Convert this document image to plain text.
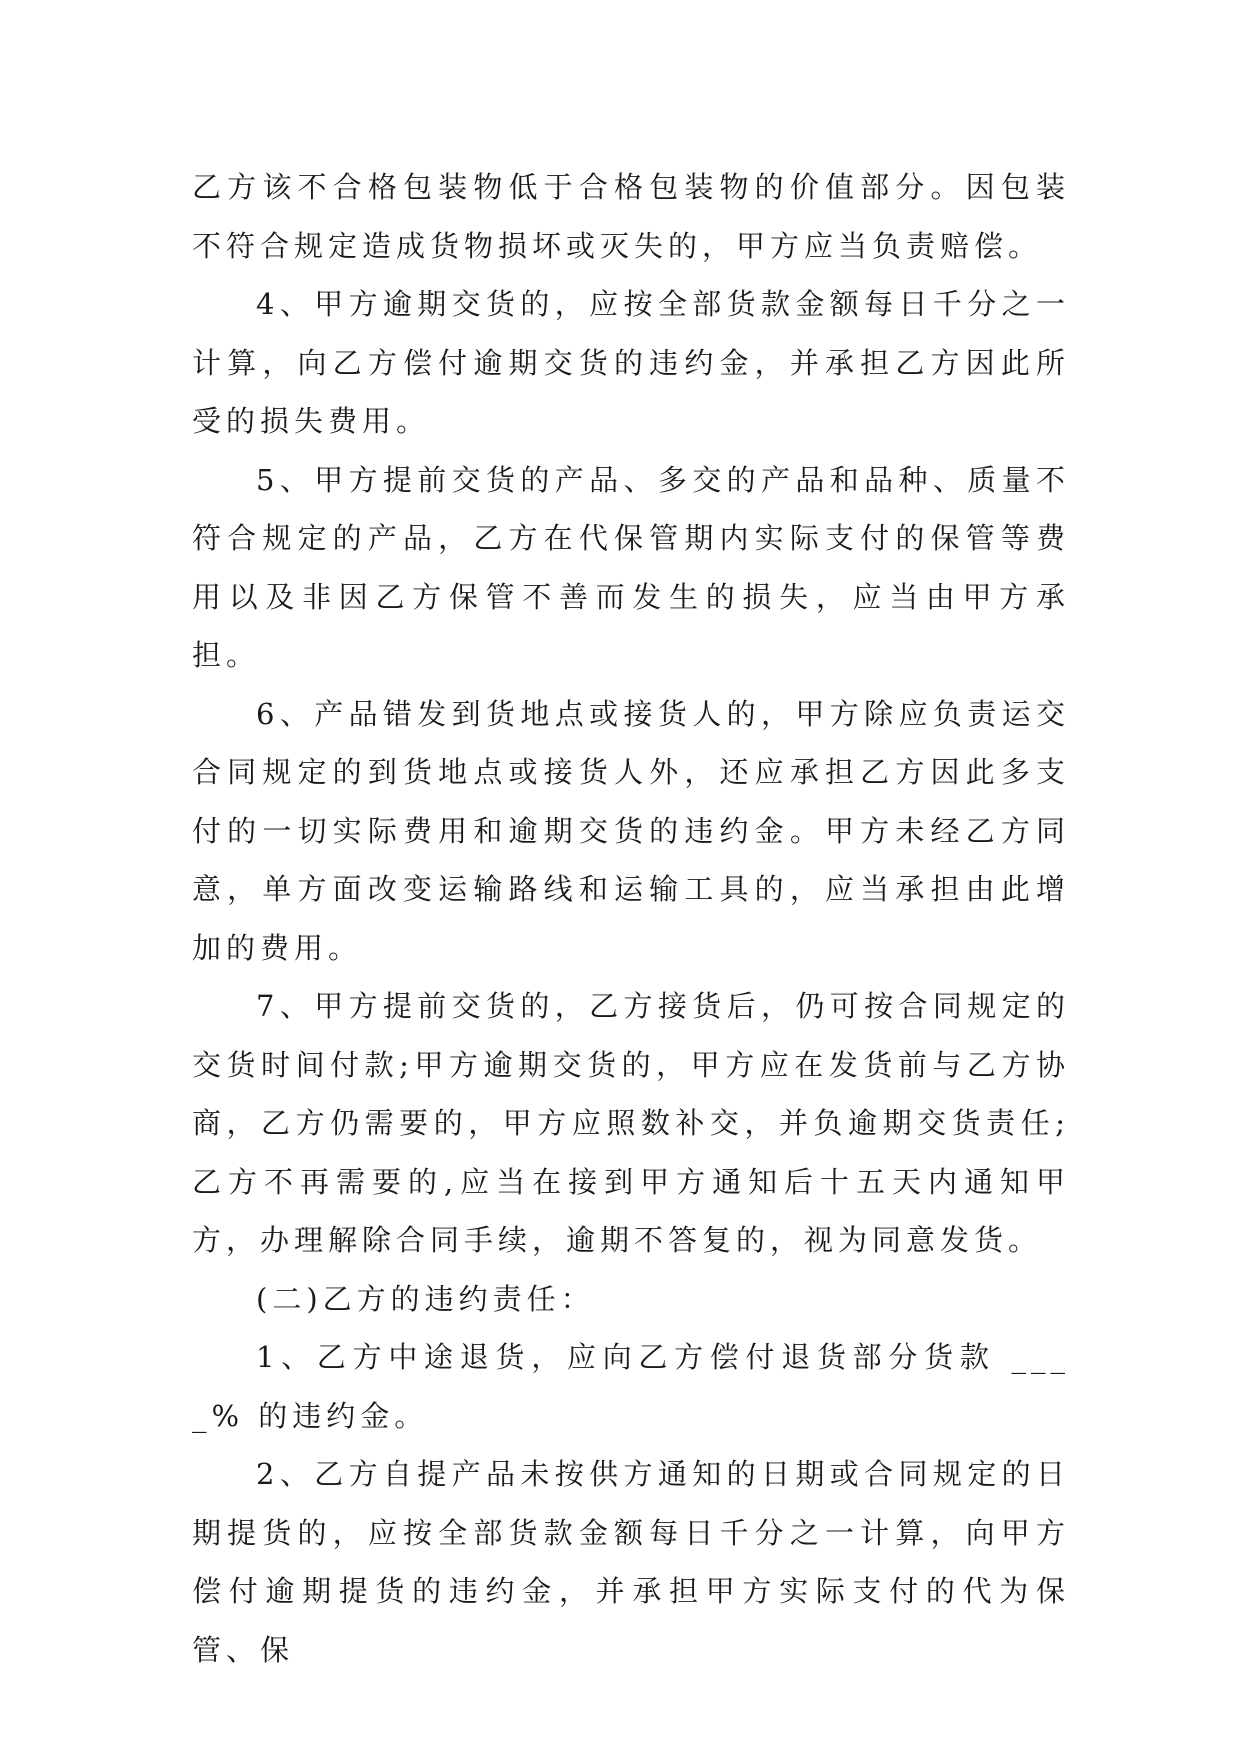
乙方该不合格包装物低于合格包装物的价值部分。因包装不符合规定造成货物损坏或灭失的，甲方应当负责赔偿。

4、甲方逾期交货的，应按全部货款金额每日千分之一计算，向乙方偿付逾期交货的违约金，并承担乙方因此所受的损失费用。

5、甲方提前交货的产品、多交的产品和品种、质量不符合规定的产品，乙方在代保管期内实际支付的保管等费用以及非因乙方保管不善而发生的损失，应当由甲方承担。

6、产品错发到货地点或接货人的，甲方除应负责运交合同规定的到货地点或接货人外，还应承担乙方因此多支付的一切实际费用和逾期交货的违约金。甲方未经乙方同意，单方面改变运输路线和运输工具的，应当承担由此增加的费用。

7、甲方提前交货的，乙方接货后，仍可按合同规定的交货时间付款;甲方逾期交货的，甲方应在发货前与乙方协商，乙方仍需要的，甲方应照数补交，并负逾期交货责任;乙方不再需要的,应当在接到甲方通知后十五天内通知甲方，办理解除合同手续，逾期不答复的，视为同意发货。

(二)乙方的违约责任：

1、乙方中途退货，应向乙方偿付退货部分货款 ____% 的违约金。

2、乙方自提产品未按供方通知的日期或合同规定的日期提货的，应按全部货款金额每日千分之一计算，向甲方偿付逾期提货的违约金，并承担甲方实际支付的代为保管、保
